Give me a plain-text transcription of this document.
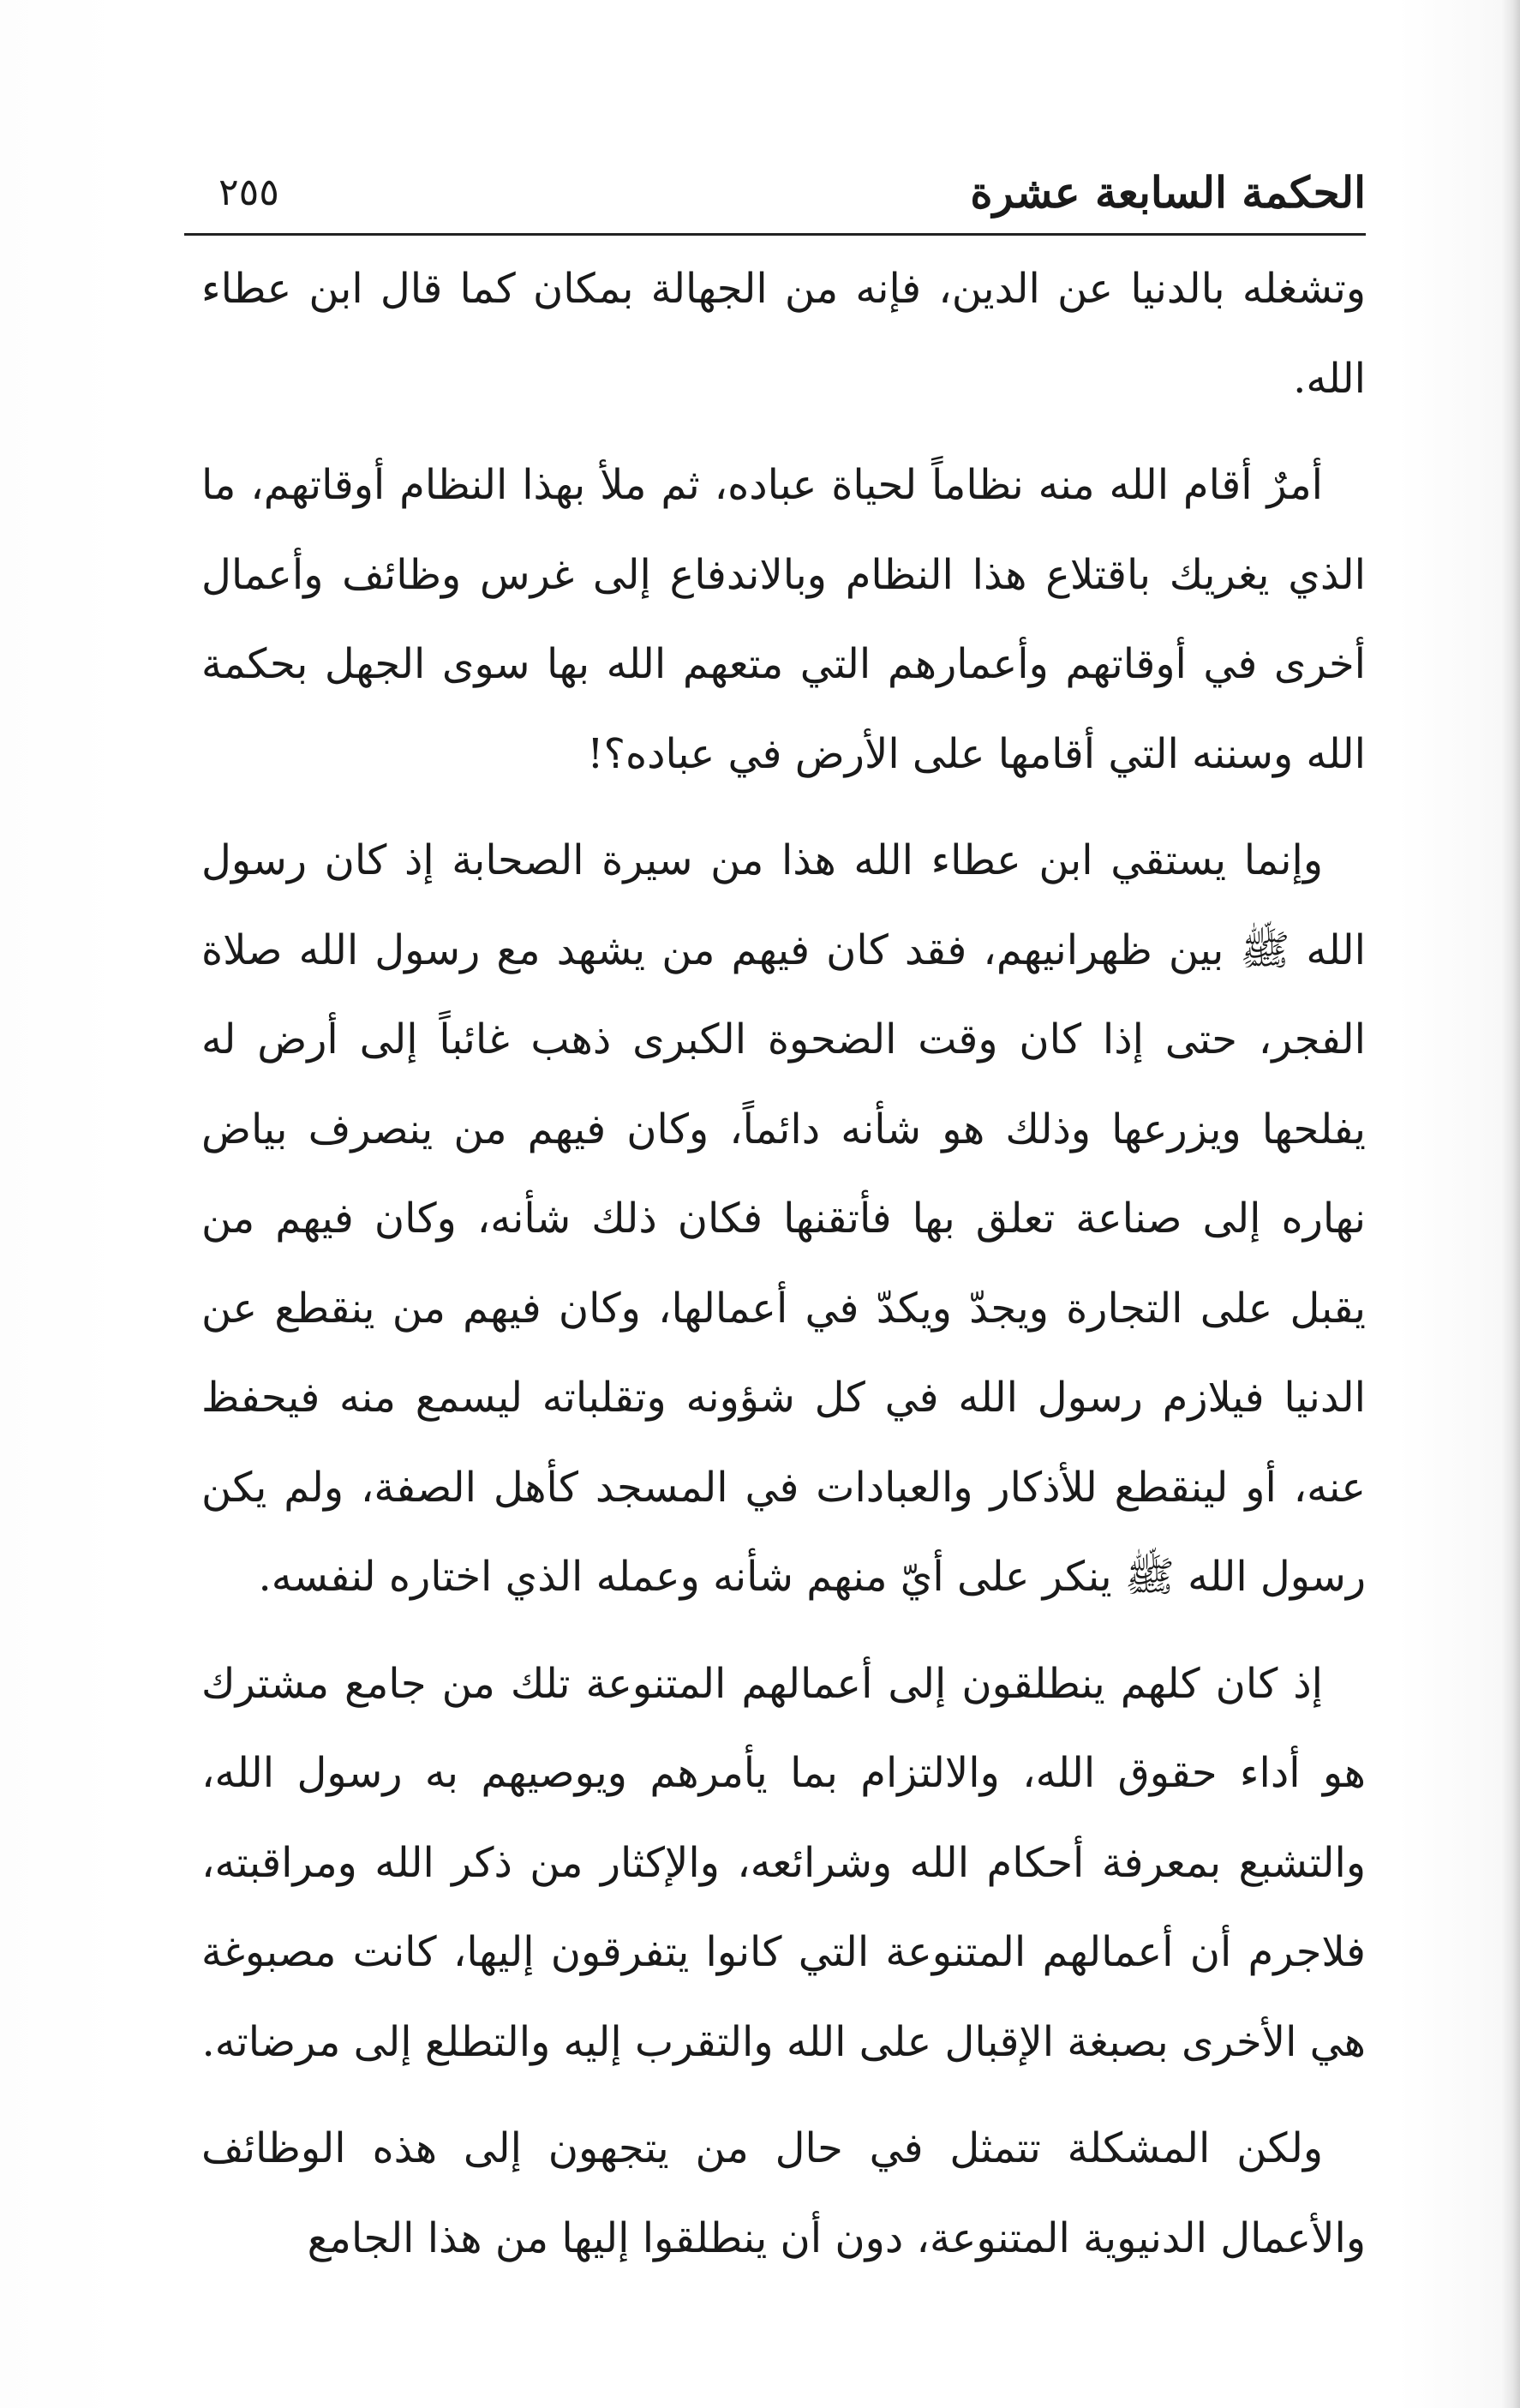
الحكمة السابعة عشرة
٢٥٥

وتشغله بالدنيا عن الدين، فإنه من الجهالة بمكان كما قال ابن عطاء الله.

أمرٌ أقام الله منه نظاماً لحياة عباده، ثم ملأ بهذا النظام أوقاتهم، ما الذي يغريك باقتلاع هذا النظام وبالاندفاع إلى غرس وظائف وأعمال أخرى في أوقاتهم وأعمارهم التي متعهم الله بها سوى الجهل بحكمة الله وسننه التي أقامها على الأرض في عباده؟!

وإنما يستقي ابن عطاء الله هذا من سيرة الصحابة إذ كان رسول الله ﷺ بين ظهرانيهم، فقد كان فيهم من يشهد مع رسول الله صلاة الفجر، حتى إذا كان وقت الضحوة الكبرى ذهب غائباً إلى أرض له يفلحها ويزرعها وذلك هو شأنه دائماً، وكان فيهم من ينصرف بياض نهاره إلى صناعة تعلق بها فأتقنها فكان ذلك شأنه، وكان فيهم من يقبل على التجارة ويجدّ ويكدّ في أعمالها، وكان فيهم من ينقطع عن الدنيا فيلازم رسول الله في كل شؤونه وتقلباته ليسمع منه فيحفظ عنه، أو لينقطع للأذكار والعبادات في المسجد كأهل الصفة، ولم يكن رسول الله ﷺ ينكر على أيّ منهم شأنه وعمله الذي اختاره لنفسه.

إذ كان كلهم ينطلقون إلى أعمالهم المتنوعة تلك من جامع مشترك هو أداء حقوق الله، والالتزام بما يأمرهم ويوصيهم به رسول الله، والتشبع بمعرفة أحكام الله وشرائعه، والإكثار من ذكر الله ومراقبته، فلاجرم أن أعمالهم المتنوعة التي كانوا يتفرقون إليها، كانت مصبوغة هي الأخرى بصبغة الإقبال على الله والتقرب إليه والتطلع إلى مرضاته.

ولكن المشكلة تتمثل في حال من يتجهون إلى هذه الوظائف والأعمال الدنيوية المتنوعة، دون أن ينطلقوا إليها من هذا الجامع
